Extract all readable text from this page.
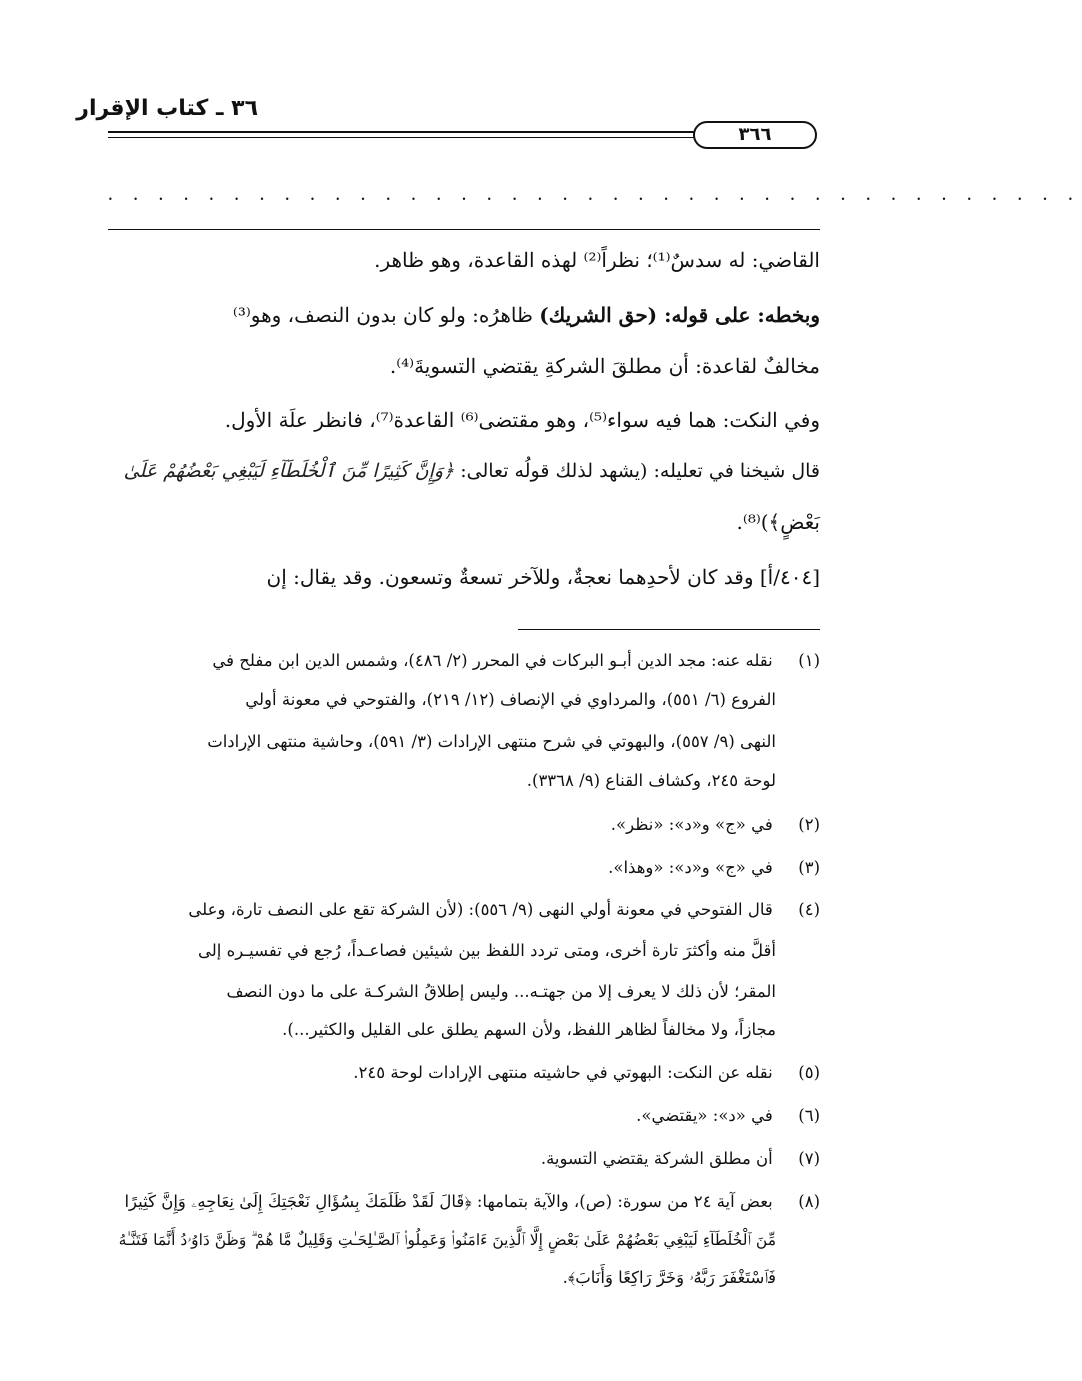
٣٦ ـ كتاب الإقرار
٣٦٦
• • • • • • • • • • • • • • • • • • • • • • • • • • • • • • • • • • • • • • •
القاضي: له سدسٌ⁽¹⁾؛ نظراً⁽²⁾ لهذه القاعدة، وهو ظاهر.
وبخطه: على قوله: (حق الشريك) ظاهرُه: ولو كان بدون النصف، وهو⁽³⁾
مخالفٌ لقاعدة: أن مطلقَ الشركةِ يقتضي التسويةَ⁽⁴⁾.
وفي النكت: هما فيه سواء⁽⁵⁾، وهو مقتضى⁽⁶⁾ القاعدة⁽⁷⁾، فانظر علَة الأول.
قال شيخنا في تعليله: (يشهد لذلك قولُه تعالى: ﴿وَإِنَّ كَثِيرًا مِّنَ ٱلْخُلَطَآءِ لَيَبْغِي بَعْضُهُمْ عَلَىٰ
بَعْضٍ﴾)⁽⁸⁾.
[٤٠٤/أ] وقد كان لأحدِهما نعجةٌ، وللآخر تسعةٌ وتسعون. وقد يقال: إن
(١) نقله عنه: مجد الدين أبـو البركات في المحرر (٢/ ٤٨٦)، وشمس الدين ابن مفلح في
الفروع (٦/ ٥٥١)، والمرداوي في الإنصاف (١٢/ ٢١٩)، والفتوحي في معونة أولي
النهى (٩/ ٥٥٧)، والبهوتي في شرح منتهى الإرادات (٣/ ٥٩١)، وحاشية منتهى الإرادات
لوحة ٢٤٥، وكشاف القناع (٩/ ٣٣٦٨).
(٢) في «ج» و«د»: «نظر».
(٣) في «ج» و«د»: «وهذا».
(٤) قال الفتوحي في معونة أولي النهى (٩/ ٥٥٦): (لأن الشركة تقع على النصف تارة، وعلى
أقلَّ منه وأكثرَ تارة أخرى، ومتى تردد اللفظ بين شيئين فصاعـداً، رُجع في تفسيـره إلى
المقر؛ لأن ذلك لا يعرف إلا من جهتـه... وليس إطلاقُ الشركـة على ما دون النصف
مجازاً، ولا مخالفاً لظاهر اللفظ، ولأن السهم يطلق على القليل والكثير...).
(٥) نقله عن النكت: البهوتي في حاشيته منتهى الإرادات لوحة ٢٤٥.
(٦) في «د»: «يقتضي».
(٧) أن مطلق الشركة يقتضي التسوية.
(٨) بعض آية ٢٤ من سورة: (ص)، والآية بتمامها: ﴿قَالَ لَقَدْ ظَلَمَكَ بِسُؤَالِ نَعْجَتِكَ إِلَىٰ نِعَاجِهِۦ وَإِنَّ كَثِيرًا
مِّنَ ٱلْخُلَطَآءِ لَيَبْغِي بَعْضُهُمْ عَلَىٰ بَعْضٍ إِلَّا ٱلَّذِينَ ءَامَنُوا۟ وَعَمِلُوا۟ ٱلصَّـٰلِحَـٰتِ وَقَلِيلٌ مَّا هُمْ ۗ وَظَنَّ دَاوُۥدُ أَنَّمَا فَتَنَّـٰهُ
فَٱسْتَغْفَرَ رَبَّهُۥ وَخَرَّ رَاكِعًا وَأَنَابَ﴾.
